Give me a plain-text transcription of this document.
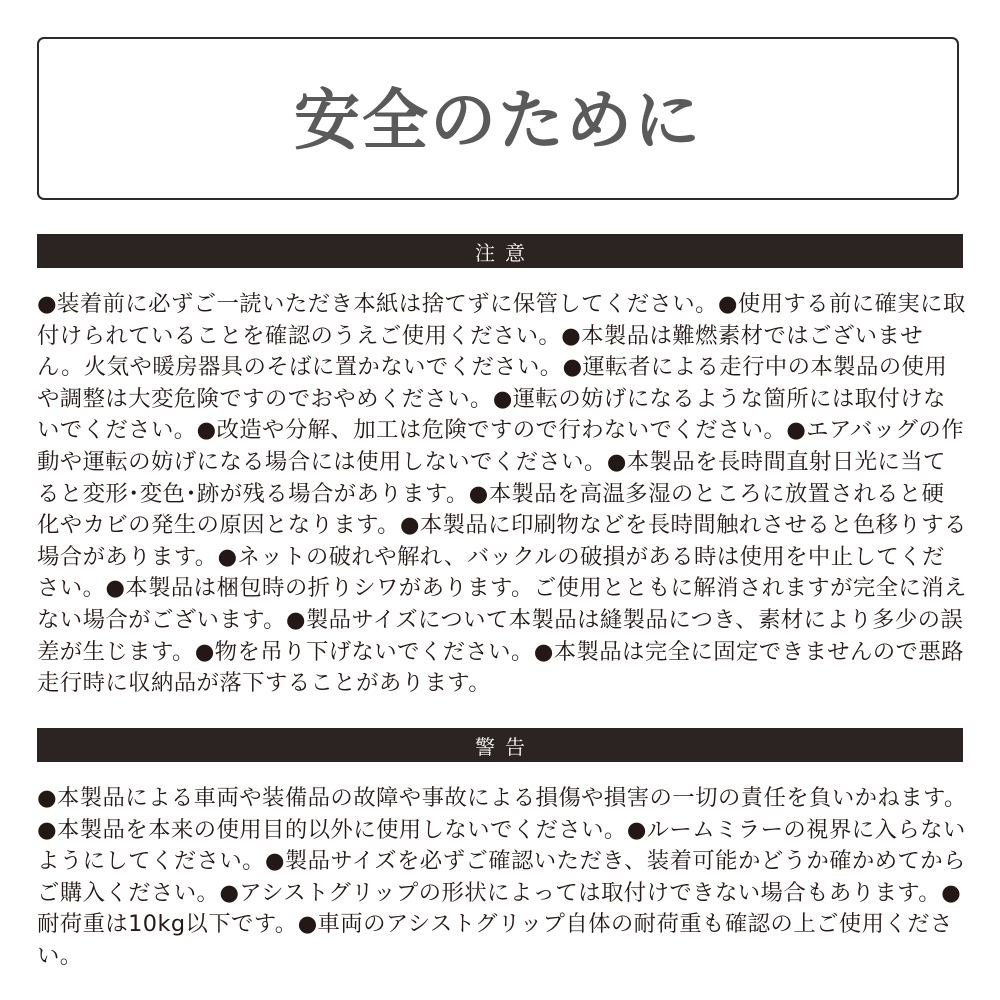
安全のために
注意
●装着前に必ずご一読いただき本紙は捨てずに保管してください。●使用する前に確実に取付けられていることを確認のうえご使用ください。●本製品は難燃素材ではございません。火気や暖房器具のそばに置かないでください。●運転者による走行中の本製品の使用や調整は大変危険ですのでおやめください。●運転の妨げになるような箇所には取付けないでください。●改造や分解、加工は危険ですので行わないでください。●エアバッグの作動や運転の妨げになる場合には使用しないでください。●本製品を長時間直射日光に当てると変形･変色･跡が残る場合があります。●本製品を高温多湿のところに放置されると硬化やカビの発生の原因となります。●本製品に印刷物などを長時間触れさせると色移りする場合があります。●ネットの破れや解れ、バックルの破損がある時は使用を中止してください。●本製品は梱包時の折りシワがあります。ご使用とともに解消されますが完全に消えない場合がございます。●製品サイズについて本製品は縫製品につき、素材により多少の誤差が生じます。●物を吊り下げないでください。●本製品は完全に固定できませんので悪路走行時に収納品が落下することがあります。
警告
●本製品による車両や装備品の故障や事故による損傷や損害の一切の責任を負いかねます。●本製品を本来の使用目的以外に使用しないでください。●ルームミラーの視界に入らないようにしてください。●製品サイズを必ずご確認いただき、装着可能かどうか確かめてからご購入ください。●アシストグリップの形状によっては取付けできない場合もあります。●耐荷重は10kg以下です。●車両のアシストグリップ自体の耐荷重も確認の上ご使用ください。
